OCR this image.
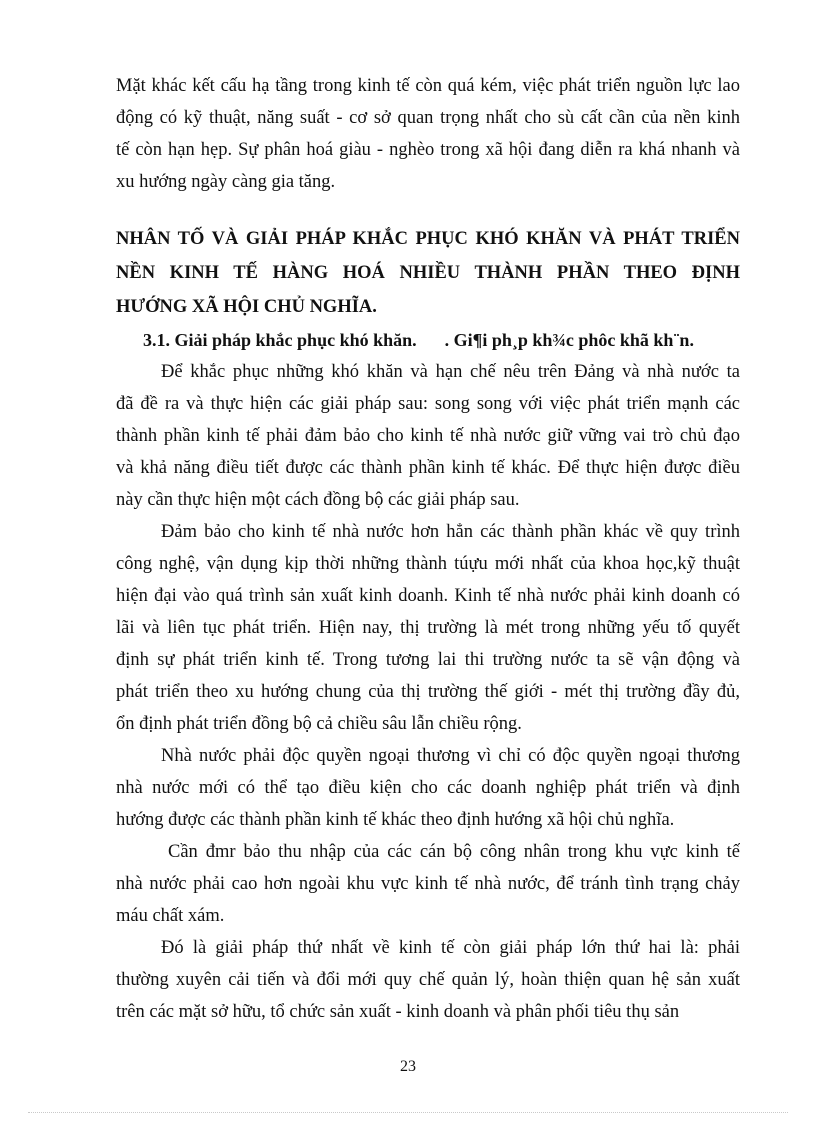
Mặt khác kết cấu hạ tầng trong kinh tế còn quá kém, việc phát triển nguồn lực lao
động có kỹ thuật, năng suất - cơ sở quan trọng nhất cho sù cất cần của nền kinh
tế còn hạn hẹp. Sự phân hoá giàu - nghèo trong xã hội đang diễn ra khá nhanh và
xu hướng ngày càng gia tăng.
NHÂN TỐ VÀ GIẢI PHÁP KHẮC PHỤC KHÓ KHĂN VÀ PHÁT TRIỂN
NỀN KINH TẾ HÀNG HOÁ NHIỀU THÀNH PHẦN THEO ĐỊNH
HƯỚNG XÃ HỘI CHỦ NGHĨA.
3.1. Giải pháp khắc phục khó khăn. . Gi¶i ph¸p kh¾c phôc khã kh¨n.
Để khắc phục những khó khăn và hạn chế nêu trên Đảng và nhà nước ta
đã đề ra và thực hiện các giải pháp sau: song song với việc phát triển mạnh các
thành phần kinh tế phải đảm bảo cho kinh tế nhà nước giữ vững vai trò chủ đạo
và khả năng điều tiết được các thành phần kinh tế khác. Để thực hiện được điều
này cần thực hiện một cách đồng bộ các giải pháp sau.
Đảm bảo cho kinh tế nhà nước hơn hẳn các thành phần khác về quy trình
công nghệ, vận dụng kịp thời những thành túựu mới nhất của khoa học,kỹ thuật
hiện đại vào quá trình sản xuất kinh doanh. Kinh tế nhà nước phải kinh doanh có
lãi và liên tục phát triển. Hiện nay, thị trường là mét trong những yếu tố quyết
định sự phát triển kinh tế. Trong tương lai thi trường nước ta sẽ vận động và
phát triển theo xu hướng chung của thị trường thế giới - mét thị trường đầy đủ,
ổn định phát triển đồng bộ cả chiều sâu lẫn chiều rộng.
Nhà nước phải độc quyền ngoại thương vì chỉ có độc quyền ngoại thương
nhà nước mới có thể tạo điều kiện cho các doanh nghiệp phát triển và định
hướng được các thành phần kinh tế khác theo định hướng xã hội chủ nghĩa.
Cần đmr bảo thu nhập của các cán bộ công nhân trong khu vực kinh tế
nhà nước phải cao hơn ngoài khu vực kinh tế nhà nước, để tránh tình trạng chảy
máu chất xám.
Đó là giải pháp thứ nhất về kinh tế còn giải pháp lớn thứ hai là: phải
thường xuyên cải tiến và đổi mới quy chế quản lý, hoàn thiện quan hệ sản xuất
trên các mặt sở hữu, tổ chức sản xuất - kinh doanh và phân phối tiêu thụ sản
23
